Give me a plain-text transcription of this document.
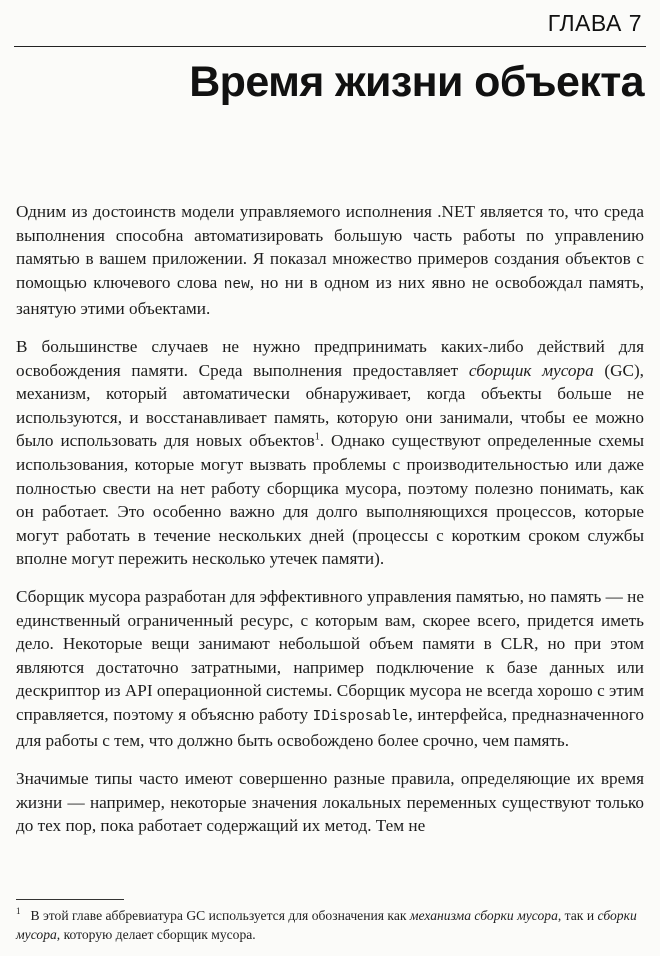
ГЛАВА 7
Время жизни объекта

Одним из достоинств модели управляемого исполнения .NET является то, что среда выполнения способна автоматизировать большую часть работы по управлению памятью в вашем приложении. Я показал множество примеров создания объектов с помощью ключевого слова new, но ни в одном из них явно не освобождал память, занятую этими объектами.

В большинстве случаев не нужно предпринимать каких-либо действий для освобождения памяти. Среда выполнения предоставляет сборщик мусора (GC), механизм, который автоматически обнаруживает, когда объекты больше не используются, и восстанавливает память, которую они занимали, чтобы ее можно было использовать для новых объектов$^1$. Однако существуют определенные схемы использования, которые могут вызвать проблемы с производительностью или даже полностью свести на нет работу сборщика мусора, поэтому полезно понимать, как он работает. Это особенно важно для долго выполняющихся процессов, которые могут работать в течение нескольких дней (процессы с коротким сроком службы вполне могут пережить несколько утечек памяти).

Сборщик мусора разработан для эффективного управления памятью, но память — не единственный ограниченный ресурс, с которым вам, скорее всего, придется иметь дело. Некоторые вещи занимают небольшой объем памяти в CLR, но при этом являются достаточно затратными, например подключение к базе данных или дескриптор из API операционной системы. Сборщик мусора не всегда хорошо с этим справляется, поэтому я объясню работу IDisposable, интерфейса, предназначенного для работы с тем, что должно быть освобождено более срочно, чем память.

Значимые типы часто имеют совершенно разные правила, определяющие их время жизни — например, некоторые значения локальных переменных существуют только до тех пор, пока работает содержащий их метод. Тем не

$^1$ В этой главе аббревиатура GC используется для обозначения как механизма сборки мусора, так и сборки мусора, которую делает сборщик мусора.
